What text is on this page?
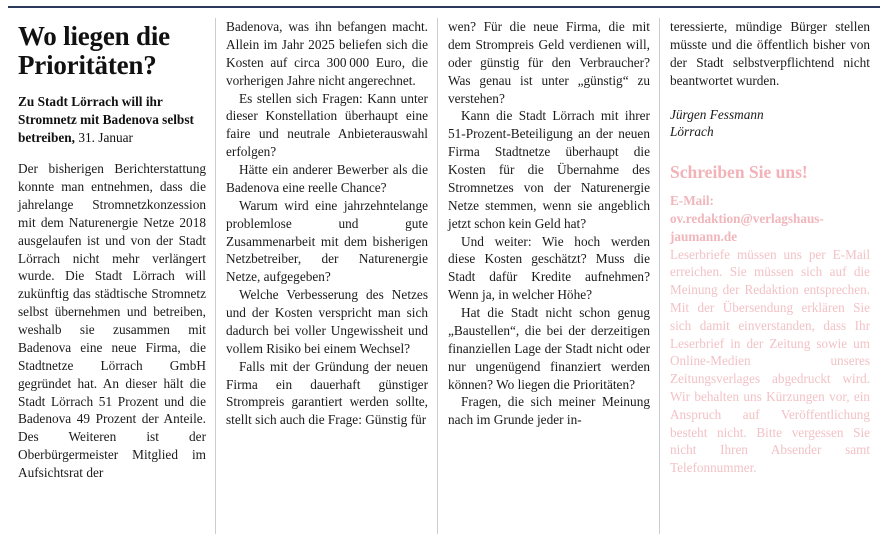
Wo liegen die Prioritäten?

Zu Stadt Lörrach will ihr Stromnetz mit Badenova selbst betreiben, 31. Januar

Der bisherigen Berichterstattung konnte man entnehmen, dass die jahrelange Stromnetzkonzession mit dem Naturenergie Netze 2018 ausgelaufen ist und von der Stadt Lörrach nicht mehr verlängert wurde. Die Stadt Lörrach will zukünftig das städtische Stromnetz selbst übernehmen und betreiben, weshalb sie zusammen mit Badenova eine neue Firma, die Stadtnetze Lörrach GmbH gegründet hat. An dieser hält die Stadt Lörrach 51 Prozent und die Badenova 49 Prozent der Anteile. Des Weiteren ist der Oberbürgermeister Mitglied im Aufsichtsrat der

Badenova, was ihn befangen macht. Allein im Jahr 2025 beliefen sich die Kosten auf circa 300 000 Euro, die vorherigen Jahre nicht angerechnet.

Es stellen sich Fragen: Kann unter dieser Konstellation überhaupt eine faire und neutrale Anbieterauswahl erfolgen?

Hätte ein anderer Bewerber als die Badenova eine reelle Chance?

Warum wird eine jahrzehntelange problemlose und gute Zusammenarbeit mit dem bisherigen Netzbetreiber, der Naturenergie Netze, aufgegeben?

Welche Verbesserung des Netzes und der Kosten verspricht man sich dadurch bei voller Ungewissheit und vollem Risiko bei einem Wechsel?

Falls mit der Gründung der neuen Firma ein dauerhaft günstiger Strompreis garantiert werden sollte, stellt sich auch die Frage: Günstig für

wen? Für die neue Firma, die mit dem Strompreis Geld verdienen will, oder günstig für den Verbraucher? Was genau ist unter „günstig“ zu verstehen?

Kann die Stadt Lörrach mit ihrer 51-Prozent-Beteiligung an der neuen Firma Stadtnetze überhaupt die Kosten für die Übernahme des Stromnetzes von der Naturenergie Netze stemmen, wenn sie angeblich jetzt schon kein Geld hat?

Und weiter: Wie hoch werden diese Kosten geschätzt? Muss die Stadt dafür Kredite aufnehmen? Wenn ja, in welcher Höhe?

Hat die Stadt nicht schon genug „Baustellen“, die bei der derzeitigen finanziellen Lage der Stadt nicht oder nur ungenügend finanziert werden können? Wo liegen die Prioritäten?

Fragen, die sich meiner Meinung nach im Grunde jeder in-

teressierte, mündige Bürger stellen müsste und die öffentlich bisher von der Stadt selbstverpflichtend nicht beantwortet wurden.

Jürgen Fessmann
Lörrach

Schreiben Sie uns!

E-Mail: ov.redaktion@verlagshaus-jaumann.de

Leserbriefe müssen uns per E-Mail erreichen. Sie müssen sich auf die Meinung der Redaktion entsprechen. Mit der Übersendung erklären Sie sich damit einverstanden, dass Ihr Leserbrief in der Zeitung sowie um Online-Medien unseres Zeitungsverlages abgedruckt wird. Wir behalten uns Kürzungen vor, ein Anspruch auf Veröffentlichung besteht nicht. Bitte vergessen Sie nicht Ihren Absender samt Telefonnummer.
